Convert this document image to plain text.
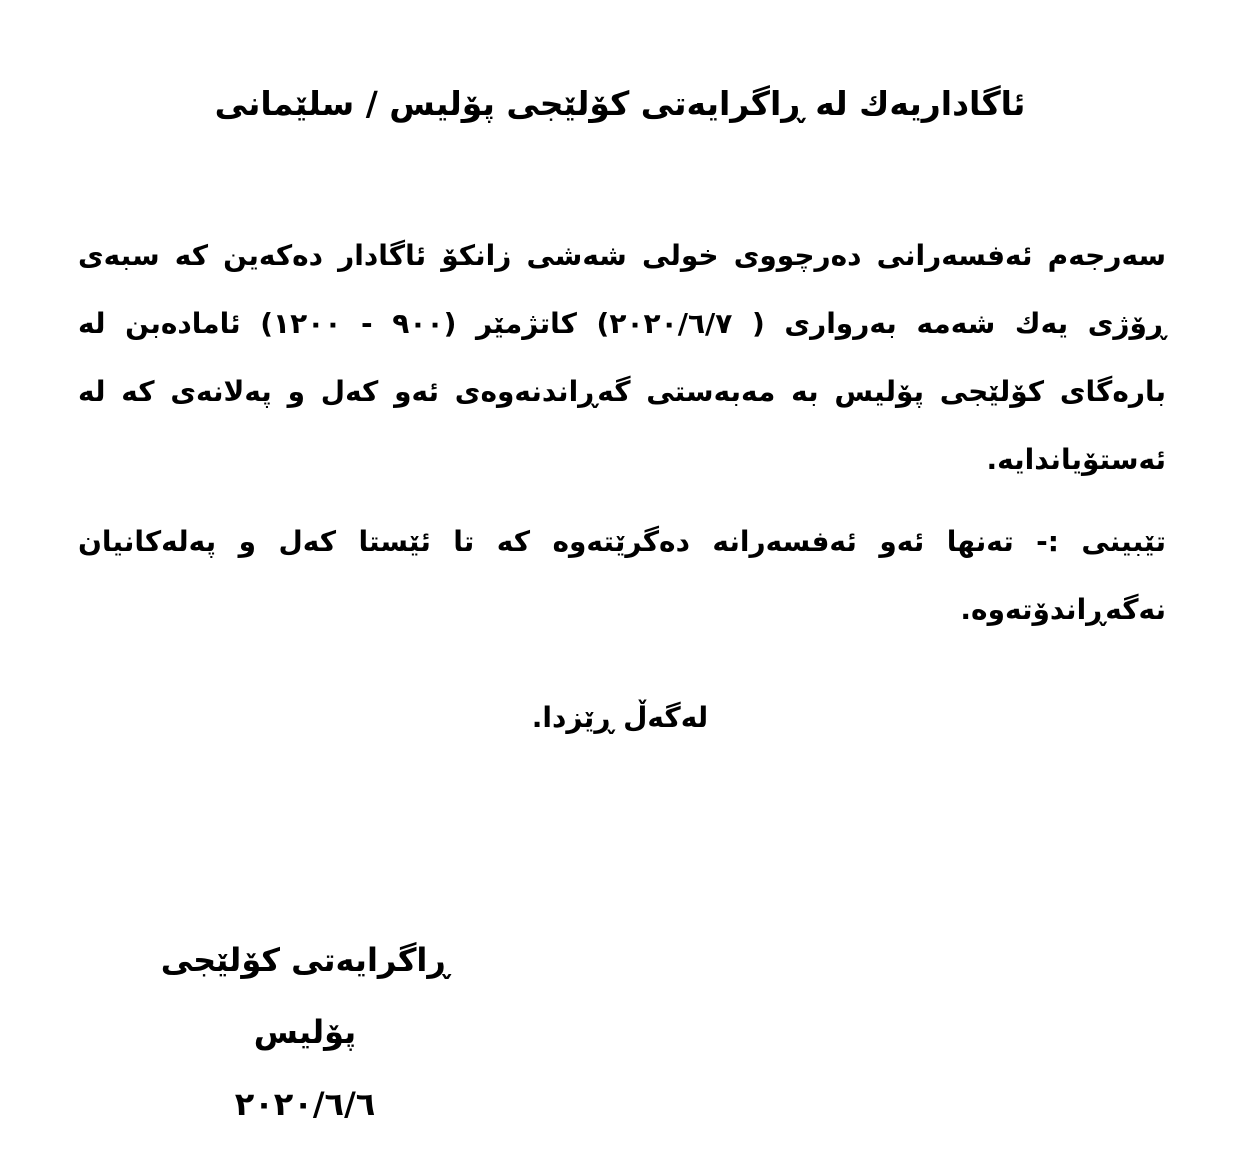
ئاگاداریەك لە ڕاگرایەتی كۆلێجی پۆلیس / سلێمانی

سەرجەم ئەفسەرانی دەرچووی خولی شەشی زانکۆ ئاگادار دەکەین کە سبەی ڕۆژی یەك شەمە بەرواری ( ٢٠٢٠/٦/٧) کاتژمێر (٩٠٠ - ١٢٠٠) ئامادەبن لە بارەگای کۆلێجی پۆلیس بە مەبەستی گەڕاندنەوەی ئەو کەل و پەلانەی کە لە ئەستۆیاندایە.

تێبینی :- تەنها ئەو ئەفسەرانە دەگرێتەوە کە تا ئێستا کەل و پەلەکانیان نەگەڕاندۆتەوە.

لەگەڵ ڕێزدا.

ڕاگرایەتی کۆلێجی پۆلیس
٢٠٢٠/٦/٦
